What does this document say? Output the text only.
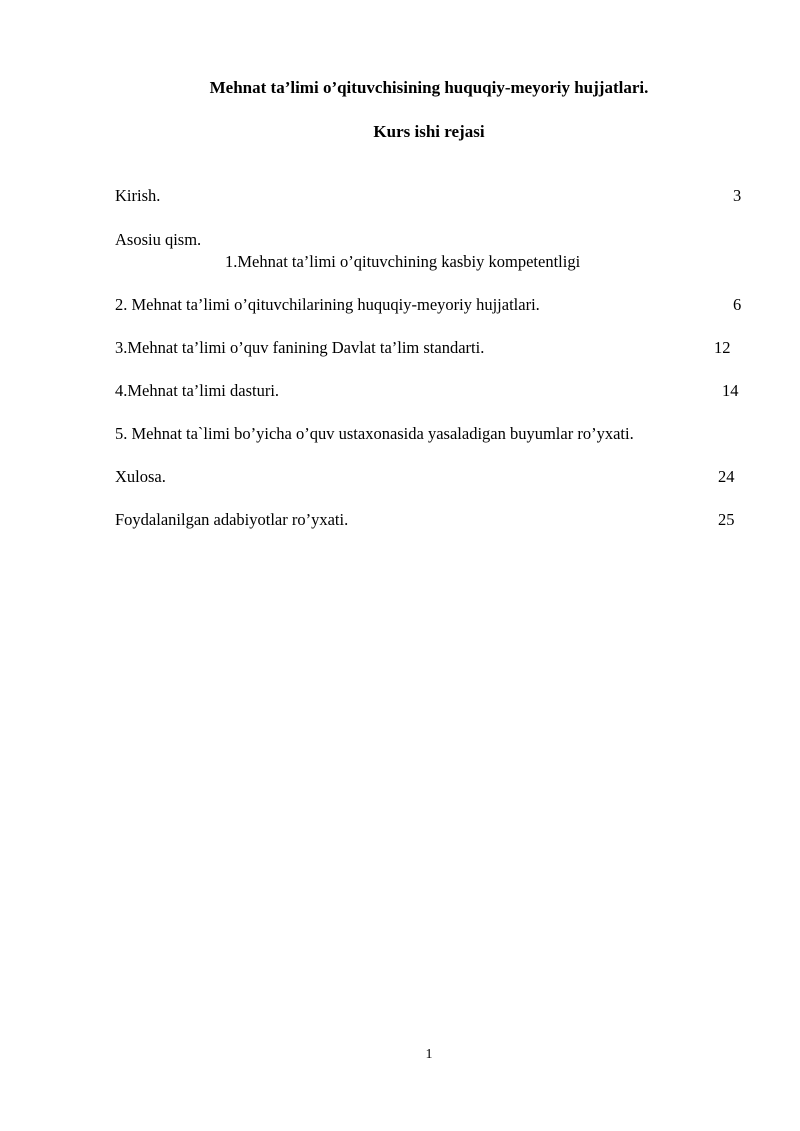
Mehnat ta’limi o’qituvchisining huquqiy-meyoriy hujjatlari.
Kurs ishi rejasi
Kirish.	3
Asosiu qism.
1.Mehnat ta’limi o’qituvchining kasbiy kompetentligi
2. Mehnat ta’limi o’qituvchilarining huquqiy-meyoriy hujjatlari.	6
3.Mehnat ta’limi o’quv fanining Davlat ta’lim standarti.	12
4.Mehnat ta’limi dasturi.	14
5. Mehnat ta`limi bo’yicha o’quv ustaxonasida yasaladigan buyumlar ro’yxati.
Xulosa.	24
Foydalanilgan adabiyotlar ro’yxati.	25
1
